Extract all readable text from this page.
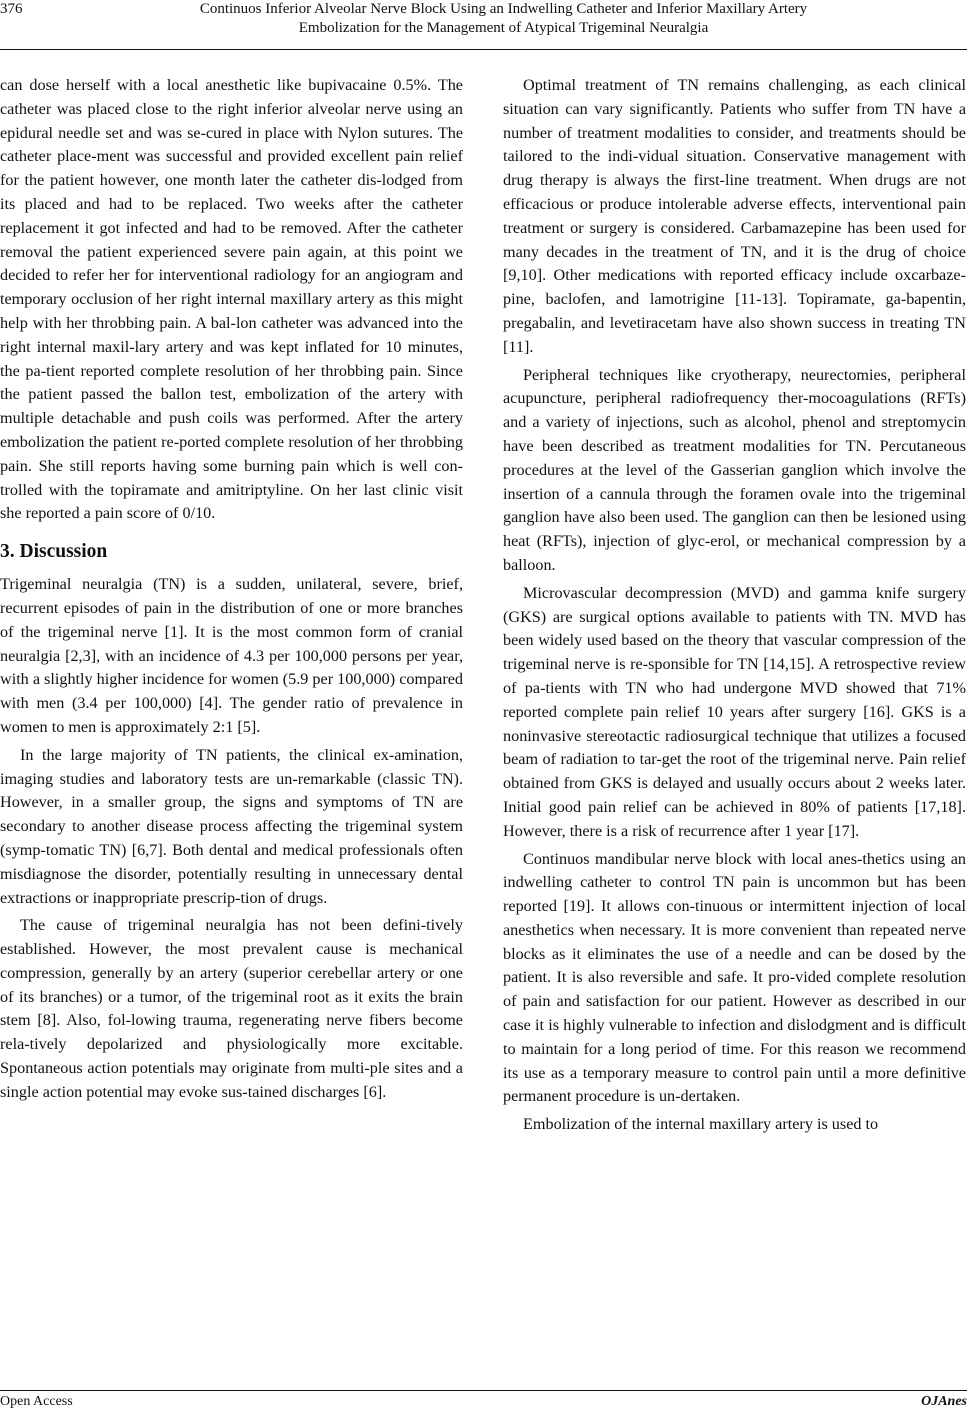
376	Continuos Inferior Alveolar Nerve Block Using an Indwelling Catheter and Inferior Maxillary Artery
Embolization for the Management of Atypical Trigeminal Neuralgia

can dose herself with a local anesthetic like bupivacaine 0.5%. The catheter was placed close to the right inferior alveolar nerve using an epidural needle set and was se-cured in place with Nylon sutures. The catheter place-ment was successful and provided excellent pain relief for the patient however, one month later the catheter dis-lodged from its placed and had to be replaced. Two weeks after the catheter replacement it got infected and had to be removed. After the catheter removal the patient experienced severe pain again, at this point we decided to refer her for interventional radiology for an angiogram and temporary occlusion of her right internal maxillary artery as this might help with her throbbing pain. A bal-lon catheter was advanced into the right internal maxil-lary artery and was kept inflated for 10 minutes, the pa-tient reported complete resolution of her throbbing pain. Since the patient passed the ballon test, embolization of the artery with multiple detachable and push coils was performed. After the artery embolization the patient re-ported complete resolution of her throbbing pain. She still reports having some burning pain which is well con-trolled with the topiramate and amitriptyline. On her last clinic visit she reported a pain score of 0/10.

3. Discussion

Trigeminal neuralgia (TN) is a sudden, unilateral, severe, brief, recurrent episodes of pain in the distribution of one or more branches of the trigeminal nerve [1]. It is the most common form of cranial neuralgia [2,3], with an incidence of 4.3 per 100,000 persons per year, with a slightly higher incidence for women (5.9 per 100,000) compared with men (3.4 per 100,000) [4]. The gender ratio of prevalence in women to men is approximately 2:1 [5].

In the large majority of TN patients, the clinical ex-amination, imaging studies and laboratory tests are un-remarkable (classic TN). However, in a smaller group, the signs and symptoms of TN are secondary to another disease process affecting the trigeminal system (symp-tomatic TN) [6,7]. Both dental and medical professionals often misdiagnose the disorder, potentially resulting in unnecessary dental extractions or inappropriate prescrip-tion of drugs.

The cause of trigeminal neuralgia has not been defini-tively established. However, the most prevalent cause is mechanical compression, generally by an artery (superior cerebellar artery or one of its branches) or a tumor, of the trigeminal root as it exits the brain stem [8]. Also, fol-lowing trauma, regenerating nerve fibers become rela-tively depolarized and physiologically more excitable. Spontaneous action potentials may originate from multi-ple sites and a single action potential may evoke sus-tained discharges [6].

Optimal treatment of TN remains challenging, as each clinical situation can vary significantly. Patients who suffer from TN have a number of treatment modalities to consider, and treatments should be tailored to the indi-vidual situation. Conservative management with drug therapy is always the first-line treatment. When drugs are not efficacious or produce intolerable adverse effects, interventional pain treatment or surgery is considered. Carbamazepine has been used for many decades in the treatment of TN, and it is the drug of choice [9,10]. Other medications with reported efficacy include oxcarbaze-pine, baclofen, and lamotrigine [11-13]. Topiramate, ga-bapentin, pregabalin, and levetiracetam have also shown success in treating TN [11].

Peripheral techniques like cryotherapy, neurectomies, peripheral acupuncture, peripheral radiofrequency ther-mocoagulations (RFTs) and a variety of injections, such as alcohol, phenol and streptomycin have been described as treatment modalities for TN. Percutaneous procedures at the level of the Gasserian ganglion which involve the insertion of a cannula through the foramen ovale into the trigeminal ganglion have also been used. The ganglion can then be lesioned using heat (RFTs), injection of glyc-erol, or mechanical compression by a balloon.

Microvascular decompression (MVD) and gamma knife surgery (GKS) are surgical options available to patients with TN. MVD has been widely used based on the theory that vascular compression of the trigeminal nerve is re-sponsible for TN [14,15]. A retrospective review of pa-tients with TN who had undergone MVD showed that 71% reported complete pain relief 10 years after surgery [16]. GKS is a noninvasive stereotactic radiosurgical technique that utilizes a focused beam of radiation to tar-get the root of the trigeminal nerve. Pain relief obtained from GKS is delayed and usually occurs about 2 weeks later. Initial good pain relief can be achieved in 80% of patients [17,18]. However, there is a risk of recurrence after 1 year [17].

Continuos mandibular nerve block with local anes-thetics using an indwelling catheter to control TN pain is uncommon but has been reported [19]. It allows con-tinuous or intermittent injection of local anesthetics when necessary. It is more convenient than repeated nerve blocks as it eliminates the use of a needle and can be dosed by the patient. It is also reversible and safe. It pro-vided complete resolution of pain and satisfaction for our patient. However as described in our case it is highly vulnerable to infection and dislodgment and is difficult to maintain for a long period of time. For this reason we recommend its use as a temporary measure to control pain until a more definitive permanent procedure is un-dertaken.

Embolization of the internal maxillary artery is used to

Open Access	OJAnes
